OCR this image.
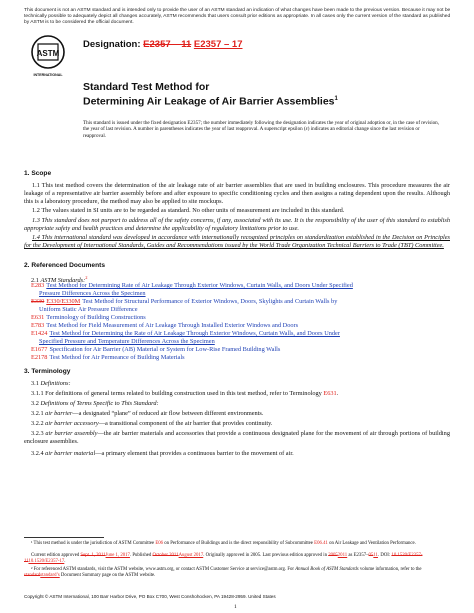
This document is not an ASTM standard and is intended only to provide the user of an ASTM standard an indication of what changes have been made to the previous version. Because it may not be technically possible to adequately depict all changes accurately, ASTM recommends that users consult prior editions as appropriate. In all cases only the current version of the standard as published by ASTM is to be considered the official document.
ASTM
INTERNATIONAL
Designation: E2357 – 11 E2357 – 17
Standard Test Method for
Determining Air Leakage of Air Barrier Assemblies$^1$
This standard is issued under the fixed designation E2357; the number immediately following the designation indicates the year of original adoption or, in the case of revision, the year of last revision. A number in parentheses indicates the year of last reapproval. A superscript epsilon (ε) indicates an editorial change since the last revision or reapproval.
1. Scope
1.1 This test method covers the determination of the air leakage rate of air barrier assemblies that are used in building enclosures. This procedure measures the air leakage of a representative air barrier assembly before and after exposure to specific conditioning cycles and then assigns a rating dependent upon the results. Although this is a laboratory procedure, the method may also be applied to site mockups.
1.2 The values stated in SI units are to be regarded as standard. No other units of measurement are included in this standard.
1.3 This standard does not purport to address all of the safety concerns, if any, associated with its use. It is the responsibility of the user of this standard to establish appropriate safety and health practices and determine the applicability of regulatory limitations prior to use.
1.4 This international standard was developed in accordance with internationally recognized principles on standardization established in the Decision on Principles for the Development of International Standards, Guides and Recommendations issued by the World Trade Organization Technical Barriers to Trade (TBT) Committee.
2. Referenced Documents
2.1 ASTM Standards:$^2$
E283 Test Method for Determining Rate of Air Leakage Through Exterior Windows, Curtain Walls, and Doors Under Specified
Pressure Differences Across the Specimen
E330 E330/E330M Test Method for Structural Performance of Exterior Windows, Doors, Skylights and Curtain Walls by
Uniform Static Air Pressure Difference
E631 Terminology of Building Constructions
E783 Test Method for Field Measurement of Air Leakage Through Installed Exterior Windows and Doors
E1424 Test Method for Determining the Rate of Air Leakage Through Exterior Windows, Curtain Walls, and Doors Under
Specified Pressure and Temperature Differences Across the Specimen
E1677 Specification for Air Barrier (AB) Material or System for Low-Rise Framed Building Walls
E2178 Test Method for Air Permeance of Building Materials
3. Terminology
3.1 Definitions:
3.1.1 For definitions of general terms related to building construction used in this test method, refer to Terminology E631.
3.2 Definitions of Terms Specific to This Standard:
3.2.1 air barrier—a designated “plane” of reduced air flow between different environments.
3.2.2 air barrier accessory—a transitional component of the air barrier that provides continuity.
3.2.3 air barrier assembly—the air barrier materials and accessories that provide a continuous designated plane for the movement of air through portions of building enclosure assemblies.
3.2.4 air barrier material—a primary element that provides a continuous barrier to the movement of air.
¹ This test method is under the jurisdiction of ASTM Committee E06 on Performance of Buildings and is the direct responsibility of Subcommittee E06.41 on Air Leakage and Ventilation Performance.
Current edition approved Sept. 1, 2011June 1, 2017. Published October 2011August 2017. Originally approved in 2005. Last previous edition approved in 20052011 as E2357–0511. DOI: 10.1520/E2357-1110.1520/E2357-17.
² For referenced ASTM standards, visit the ASTM website, www.astm.org, or contact ASTM Customer Service at service@astm.org. For Annual Book of ASTM Standards volume information, refer to the standardstandard’s Document Summary page on the ASTM website.
Copyright © ASTM International, 100 Barr Harbor Drive, PO Box C700, West Conshohocken, PA 19428-2959. United States
1
